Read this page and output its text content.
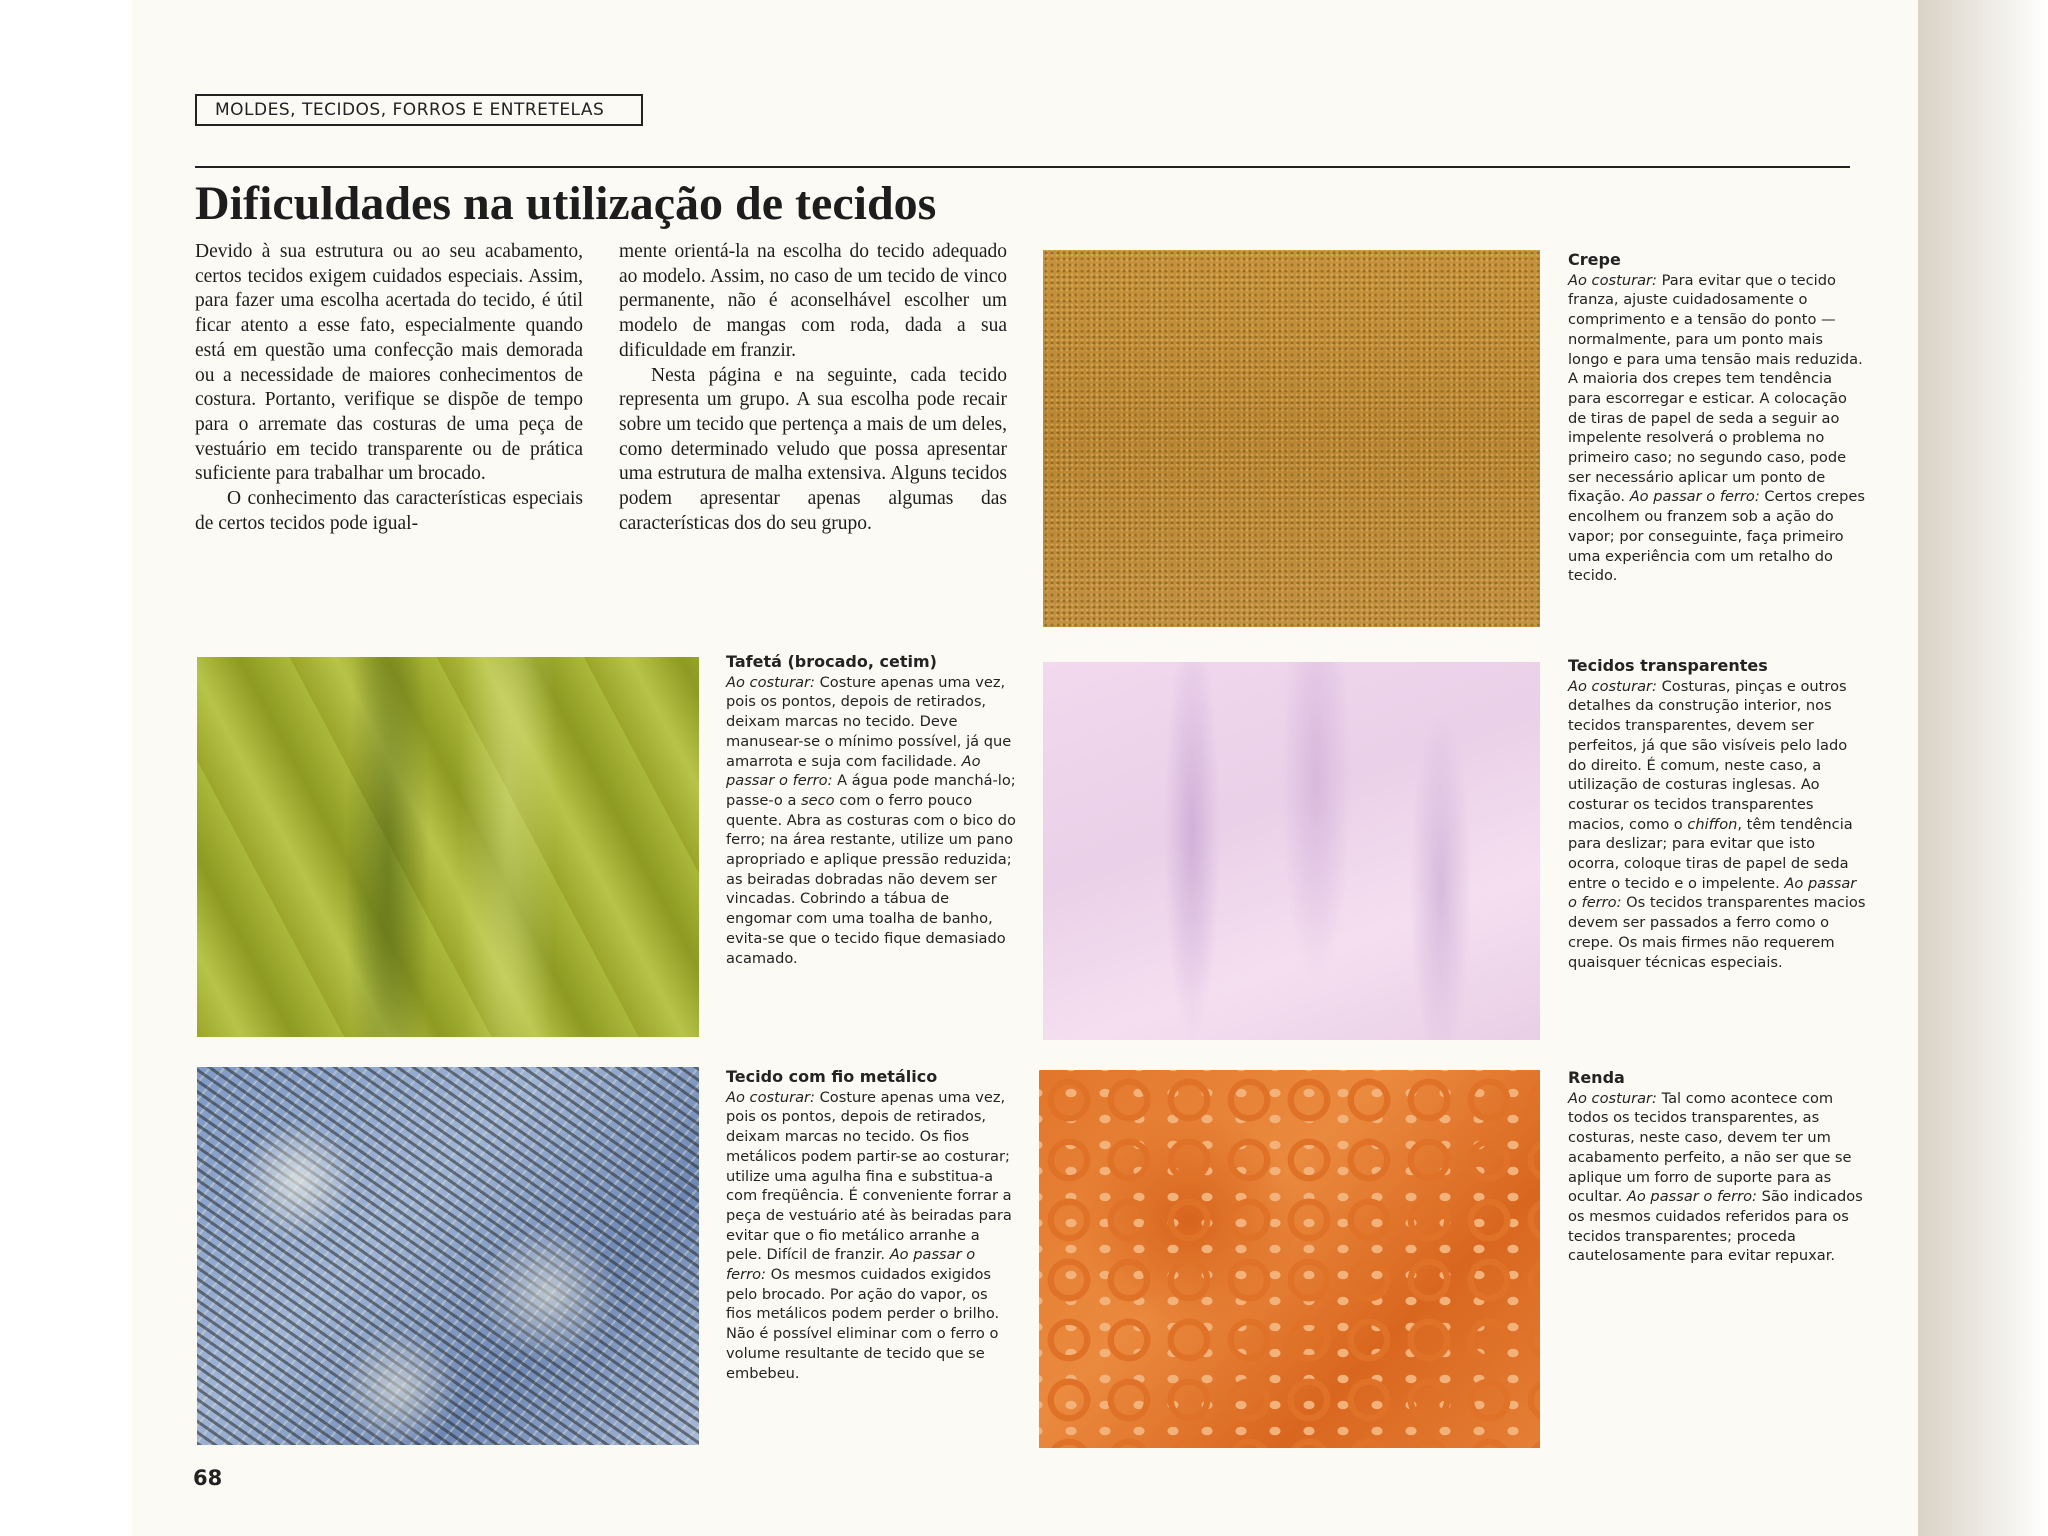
MOLDES, TECIDOS, FORROS E ENTRETELAS
Dificuldades na utilização de tecidos

Devido à sua estrutura ou ao seu acabamento, certos tecidos exigem cuidados especiais. Assim, para fazer uma escolha acertada do tecido, é útil ficar atento a esse fato, especialmente quando está em questão uma confecção mais demorada ou a necessidade de maiores conhecimentos de costura. Portanto, verifique se dispõe de tempo para o arremate das costuras de uma peça de vestuário em tecido transparente ou de prática suficiente para trabalhar um brocado.

O conhecimento das características especiais de certos tecidos pode igual-

mente orientá-la na escolha do tecido adequado ao modelo. Assim, no caso de um tecido de vinco permanente, não é aconselhável escolher um modelo de mangas com roda, dada a sua dificuldade em franzir.

Nesta página e na seguinte, cada tecido representa um grupo. A sua escolha pode recair sobre um tecido que pertença a mais de um deles, como determinado veludo que possa apresentar uma estrutura de malha extensiva. Alguns tecidos podem apresentar apenas algumas das características dos do seu grupo.

Tafetá (brocado, cetim)
Ao costurar: Costure apenas uma vez, pois os pontos, depois de retirados, deixam marcas no tecido. Deve manusear-se o mínimo possível, já que amarrota e suja com facilidade. Ao passar o ferro: A água pode manchá-lo; passe-o a seco com o ferro pouco quente. Abra as costuras com o bico do ferro; na área restante, utilize um pano apropriado e aplique pressão reduzida; as beiradas dobradas não devem ser vincadas. Cobrindo a tábua de engomar com uma toalha de banho, evita-se que o tecido fique demasiado acamado.
Tecido com fio metálico
Ao costurar: Costure apenas uma vez, pois os pontos, depois de retirados, deixam marcas no tecido. Os fios metálicos podem partir-se ao costurar; utilize uma agulha fina e substitua-a com freqüência. É conveniente forrar a peça de vestuário até às beiradas para evitar que o fio metálico arranhe a pele. Difícil de franzir. Ao passar o ferro: Os mesmos cuidados exigidos pelo brocado. Por ação do vapor, os fios metálicos podem perder o brilho. Não é possível eliminar com o ferro o volume resultante de tecido que se embebeu.
Crepe
Ao costurar: Para evitar que o tecido franza, ajuste cuidadosamente o comprimento e a tensão do ponto — normalmente, para um ponto mais longo e para uma tensão mais reduzida. A maioria dos crepes tem tendência para escorregar e esticar. A colocação de tiras de papel de seda a seguir ao impelente resolverá o problema no primeiro caso; no segundo caso, pode ser necessário aplicar um ponto de fixação. Ao passar o ferro: Certos crepes encolhem ou franzem sob a ação do vapor; por conseguinte, faça primeiro uma experiência com um retalho do tecido.
Tecidos transparentes
Ao costurar: Costuras, pinças e outros detalhes da construção interior, nos tecidos transparentes, devem ser perfeitos, já que são visíveis pelo lado do direito. É comum, neste caso, a utilização de costuras inglesas. Ao costurar os tecidos transparentes macios, como o chiffon, têm tendência para deslizar; para evitar que isto ocorra, coloque tiras de papel de seda entre o tecido e o impelente. Ao passar o ferro: Os tecidos transparentes macios devem ser passados a ferro como o crepe. Os mais firmes não requerem quaisquer técnicas especiais.
Renda
Ao costurar: Tal como acontece com todos os tecidos transparentes, as costuras, neste caso, devem ter um acabamento perfeito, a não ser que se aplique um forro de suporte para as ocultar. Ao passar o ferro: São indicados os mesmos cuidados referidos para os tecidos transparentes; proceda cautelosamente para evitar repuxar.
68
